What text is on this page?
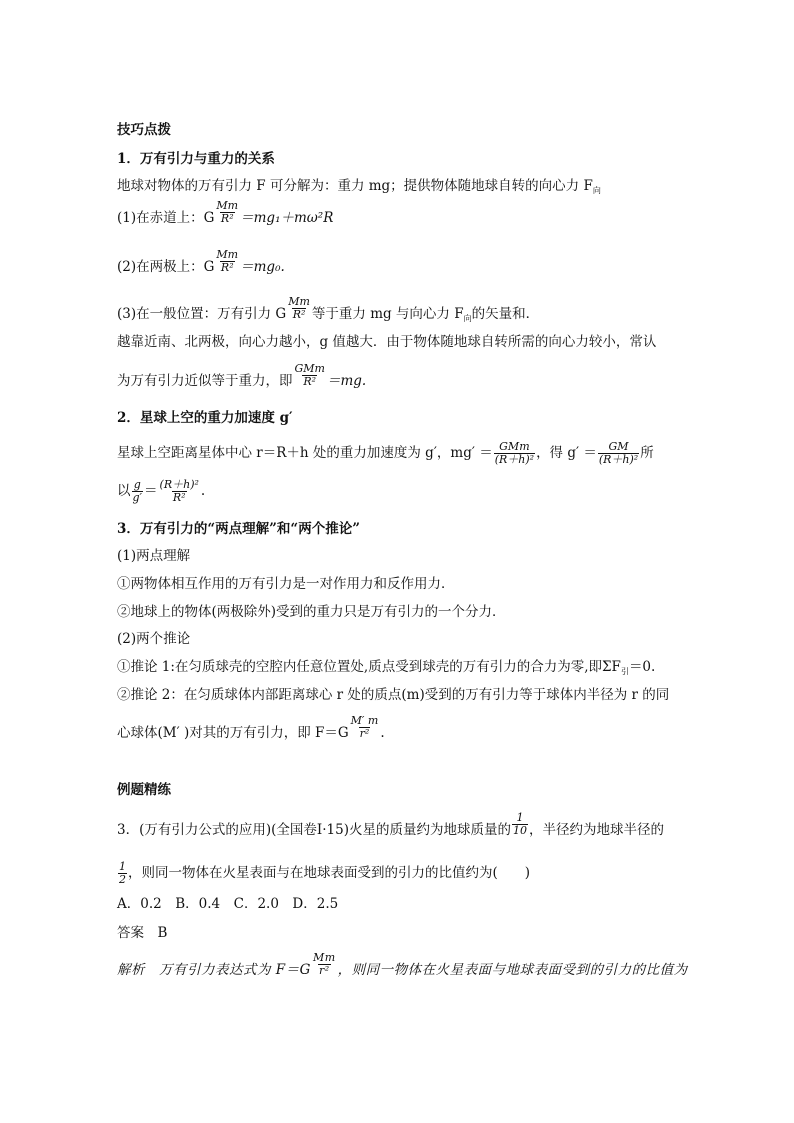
技巧点拨
1．万有引力与重力的关系
地球对物体的万有引力 F 可分解为：重力 mg；提供物体随地球自转的向心力 $F_向$
(1)在赤道上：G $\frac{Mm}{\text{R²}} =mg_1+m\omega^2R$
(2)在两极上：G $\frac{Mm}{\text{R²}} =mg_0$.
(3)在一般位置：万有引力 G $\frac{Mm}{\text{R²}}$ 等于重力 mg 与向心力 $F_向$的矢量和．
越靠近南、北两极，向心力越小，g 值越大．由于物体随地球自转所需的向心力较小，常认
为万有引力近似等于重力，即 $\frac{\text{GMm}}{\text{R²}} =mg$.
2．星球上空的重力加速度 g′
星球上空距离星体中心 r＝R＋h 处的重力加速度为 g′，$mg' = \frac{\text{GMm}}{\text{(R＋h)²}}$ ，得 $g' = \frac{GM}{\text{(R＋h)²}}$ 所
以 $\frac{g}{g'} = \frac{\text{(R＋h)²}}{\text{R²}}$ .
3．万有引力的“两点理解”和“两个推论”
(1)两点理解
①两物体相互作用的万有引力是一对作用力和反作用力．
②地球上的物体(两极除外)受到的重力只是万有引力的一个分力．
(2)两个推论
①推论 1:在匀质球壳的空腔内任意位置处,质点受到球壳的万有引力的合力为零,即$\Sigma F_引=0$.
②推论 2：在匀质球体内部距离球心 r 处的质点(m)受到的万有引力等于球体内半径为 r 的同
心球体(M′ )对其的万有引力，即 $F=G \frac{M' m}{\text{r²}}$ .
例题精练
3．(万有引力公式的应用)(全国卷Ⅰ·15)火星的质量约为地球质量的 $\frac{1}{10}$ ，半径约为地球半径的
$\frac{1}{2}$ ，则同一物体在火星表面与在地球表面受到的引力的比值约为(　　)
A．0.2　B．0.4　C．2.0　D．2.5
答案　B
解析　万有引力表达式为 $F=G \frac{Mm}{\text{r²}}$ ，则同一物体在火星表面与地球表面受到的引力的比值为
